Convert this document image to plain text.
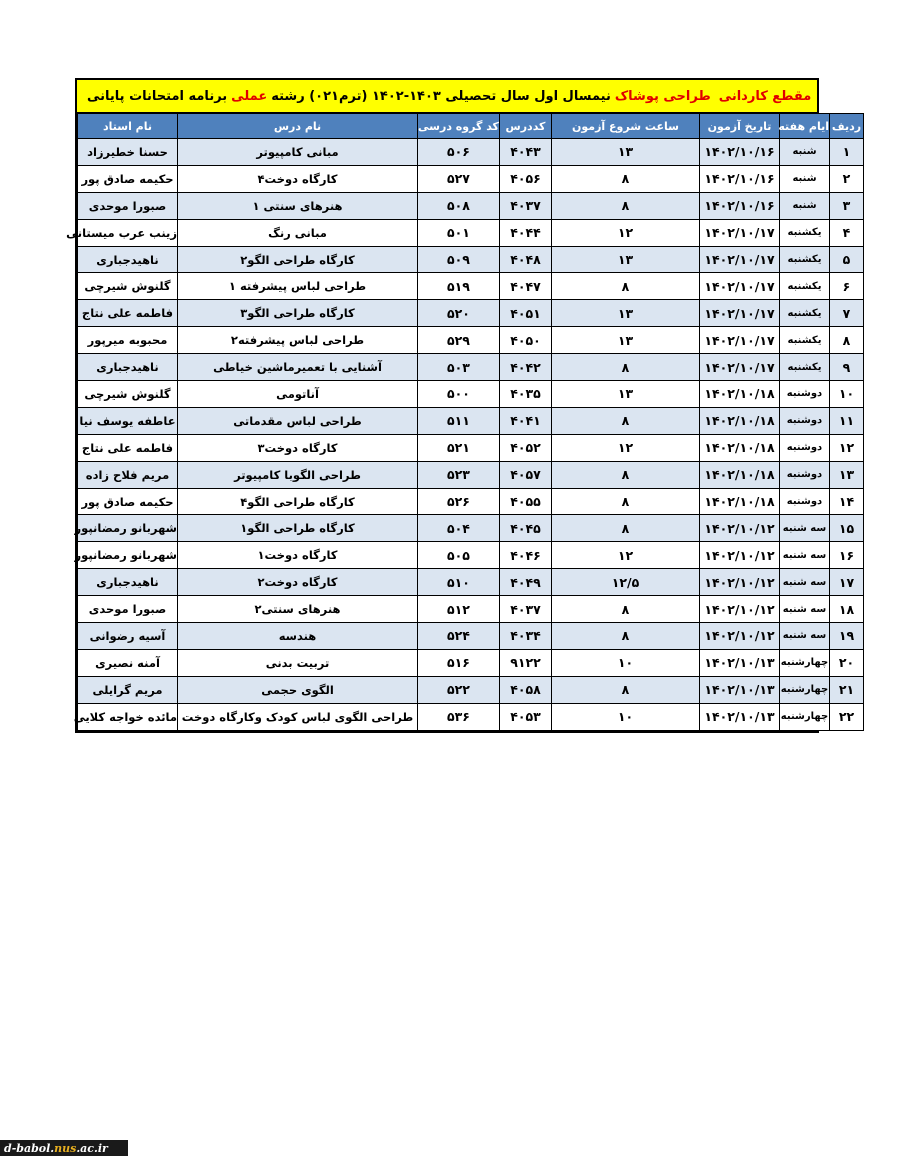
برنامه امتحانات پایانی عملی نیمسال اول سال تحصیلی ۱۴۰۳-۱۴۰۲ (ترم۰۲۱) رشته طراحی پوشاک مقطع کاردانی
ردیف	ایام هفته	تاریخ آزمون	ساعت شروع آزمون	کددرس	کد گروه درسی	نام درس	نام استاد
۱	شنبه	۱۴۰۲/۱۰/۱۶	۱۳	۴۰۴۳	۵۰۶	مبانی کامپیوتر	حسنا خطیرزاد
۲	شنبه	۱۴۰۲/۱۰/۱۶	۸	۴۰۵۶	۵۲۷	کارگاه دوخت۴	حکیمه صادق پور
۳	شنبه	۱۴۰۲/۱۰/۱۶	۸	۴۰۳۷	۵۰۸	هنرهای سنتی ۱	صبورا موحدی
۴	یکشنبه	۱۴۰۲/۱۰/۱۷	۱۲	۴۰۴۴	۵۰۱	مبانی رنگ	زینب عرب میستانی
۵	یکشنبه	۱۴۰۲/۱۰/۱۷	۱۳	۴۰۴۸	۵۰۹	کارگاه طراحی الگو۲	ناهیدجباری
۶	یکشنبه	۱۴۰۲/۱۰/۱۷	۸	۴۰۴۷	۵۱۹	طراحی لباس پیشرفته ۱	گلنوش شیرچی
۷	یکشنبه	۱۴۰۲/۱۰/۱۷	۱۳	۴۰۵۱	۵۲۰	کارگاه طراحی الگو۳	فاطمه علی نتاج
۸	یکشنبه	۱۴۰۲/۱۰/۱۷	۱۳	۴۰۵۰	۵۲۹	طراحی لباس پیشرفته۲	محبوبه میرپور
۹	یکشنبه	۱۴۰۲/۱۰/۱۷	۸	۴۰۴۲	۵۰۳	آشنایی با تعمیرماشین خیاطی	ناهیدجباری
۱۰	دوشنبه	۱۴۰۲/۱۰/۱۸	۱۳	۴۰۳۵	۵۰۰	آناتومی	گلنوش شیرچی
۱۱	دوشنبه	۱۴۰۲/۱۰/۱۸	۸	۴۰۴۱	۵۱۱	طراحی لباس مقدماتی	عاطفه یوسف نیا
۱۲	دوشنبه	۱۴۰۲/۱۰/۱۸	۱۲	۴۰۵۲	۵۲۱	کارگاه دوخت۳	فاطمه علی نتاج
۱۳	دوشنبه	۱۴۰۲/۱۰/۱۸	۸	۴۰۵۷	۵۲۳	طراحی الگوبا کامپیوتر	مریم فلاح زاده
۱۴	دوشنبه	۱۴۰۲/۱۰/۱۸	۸	۴۰۵۵	۵۲۶	کارگاه طراحی الگو۴	حکیمه صادق پور
۱۵	سه شنبه	۱۴۰۲/۱۰/۱۲	۸	۴۰۴۵	۵۰۴	کارگاه طراحی الگو۱	شهربانو رمضانپور
۱۶	سه شنبه	۱۴۰۲/۱۰/۱۲	۱۲	۴۰۴۶	۵۰۵	کارگاه دوخت۱	شهربانو رمضانپور
۱۷	سه شنبه	۱۴۰۲/۱۰/۱۲	۱۲/۵	۴۰۴۹	۵۱۰	کارگاه دوخت۲	ناهیدجباری
۱۸	سه شنبه	۱۴۰۲/۱۰/۱۲	۸	۴۰۳۷	۵۱۲	هنرهای سنتی۲	صبورا موحدی
۱۹	سه شنبه	۱۴۰۲/۱۰/۱۲	۸	۴۰۳۴	۵۲۴	هندسه	آسیه رضوانی
۲۰	چهارشنبه	۱۴۰۲/۱۰/۱۳	۱۰	۹۱۲۲	۵۱۶	تربیت بدنی	آمنه نصیری
۲۱	چهارشنبه	۱۴۰۲/۱۰/۱۳	۸	۴۰۵۸	۵۲۲	الگوی حجمی	مریم گرایلی
۲۲	چهارشنبه	۱۴۰۲/۱۰/۱۳	۱۰	۴۰۵۳	۵۳۶	طراحی الگوی لباس کودک وکارگاه دوخت	مائده خواجه کلایی
d-babol. nus .ac.ir
